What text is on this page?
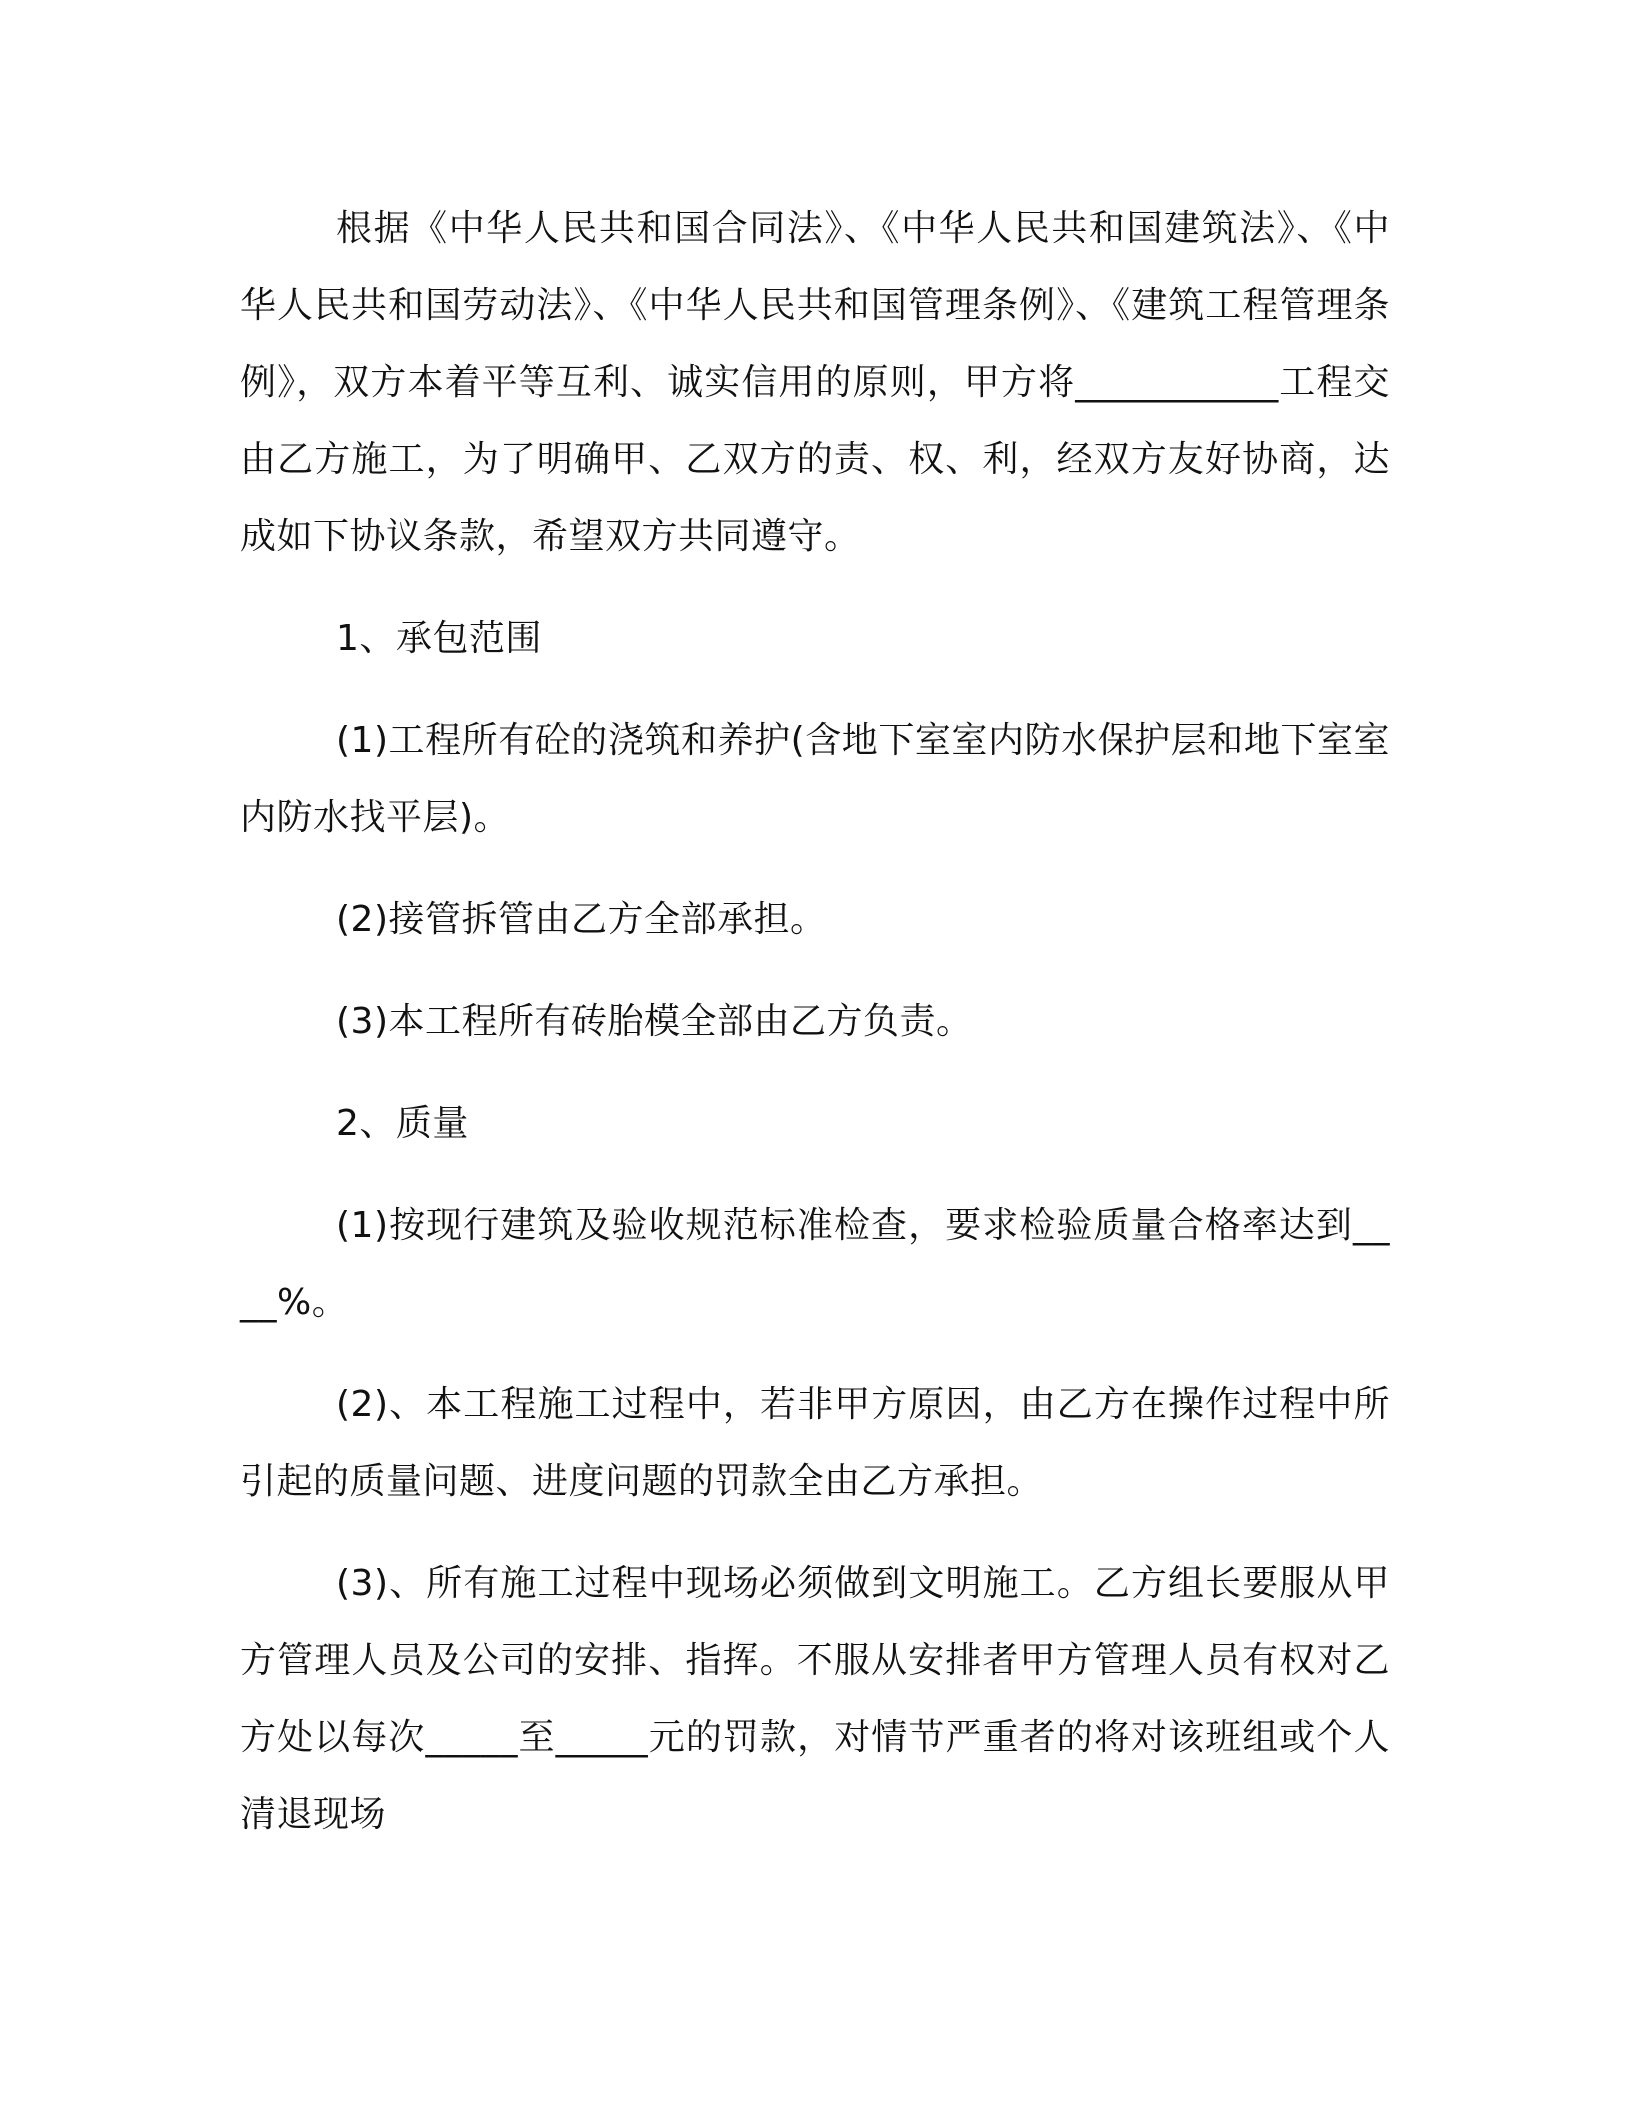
根据《中华人民共和国合同法》、《中华人民共和国建筑法》、《中华人民共和国劳动法》、《中华人民共和国管理条例》、《建筑工程管理条例》，双方本着平等互利、诚实信用的原则，甲方将___________工程交由乙方施工，为了明确甲、乙双方的责、权、利，经双方友好协商，达成如下协议条款，希望双方共同遵守。

1、承包范围

(1)工程所有砼的浇筑和养护(含地下室室内防水保护层和地下室室内防水找平层)。

(2)接管拆管由乙方全部承担。

(3)本工程所有砖胎模全部由乙方负责。

2、质量

(1)按现行建筑及验收规范标准检查，要求检验质量合格率达到____%。

(2)、本工程施工过程中，若非甲方原因，由乙方在操作过程中所引起的质量问题、进度问题的罚款全由乙方承担。

(3)、所有施工过程中现场必须做到文明施工。乙方组长要服从甲方管理人员及公司的安排、指挥。不服从安排者甲方管理人员有权对乙方处以每次_____至_____元的罚款，对情节严重者的将对该班组或个人清退现场
